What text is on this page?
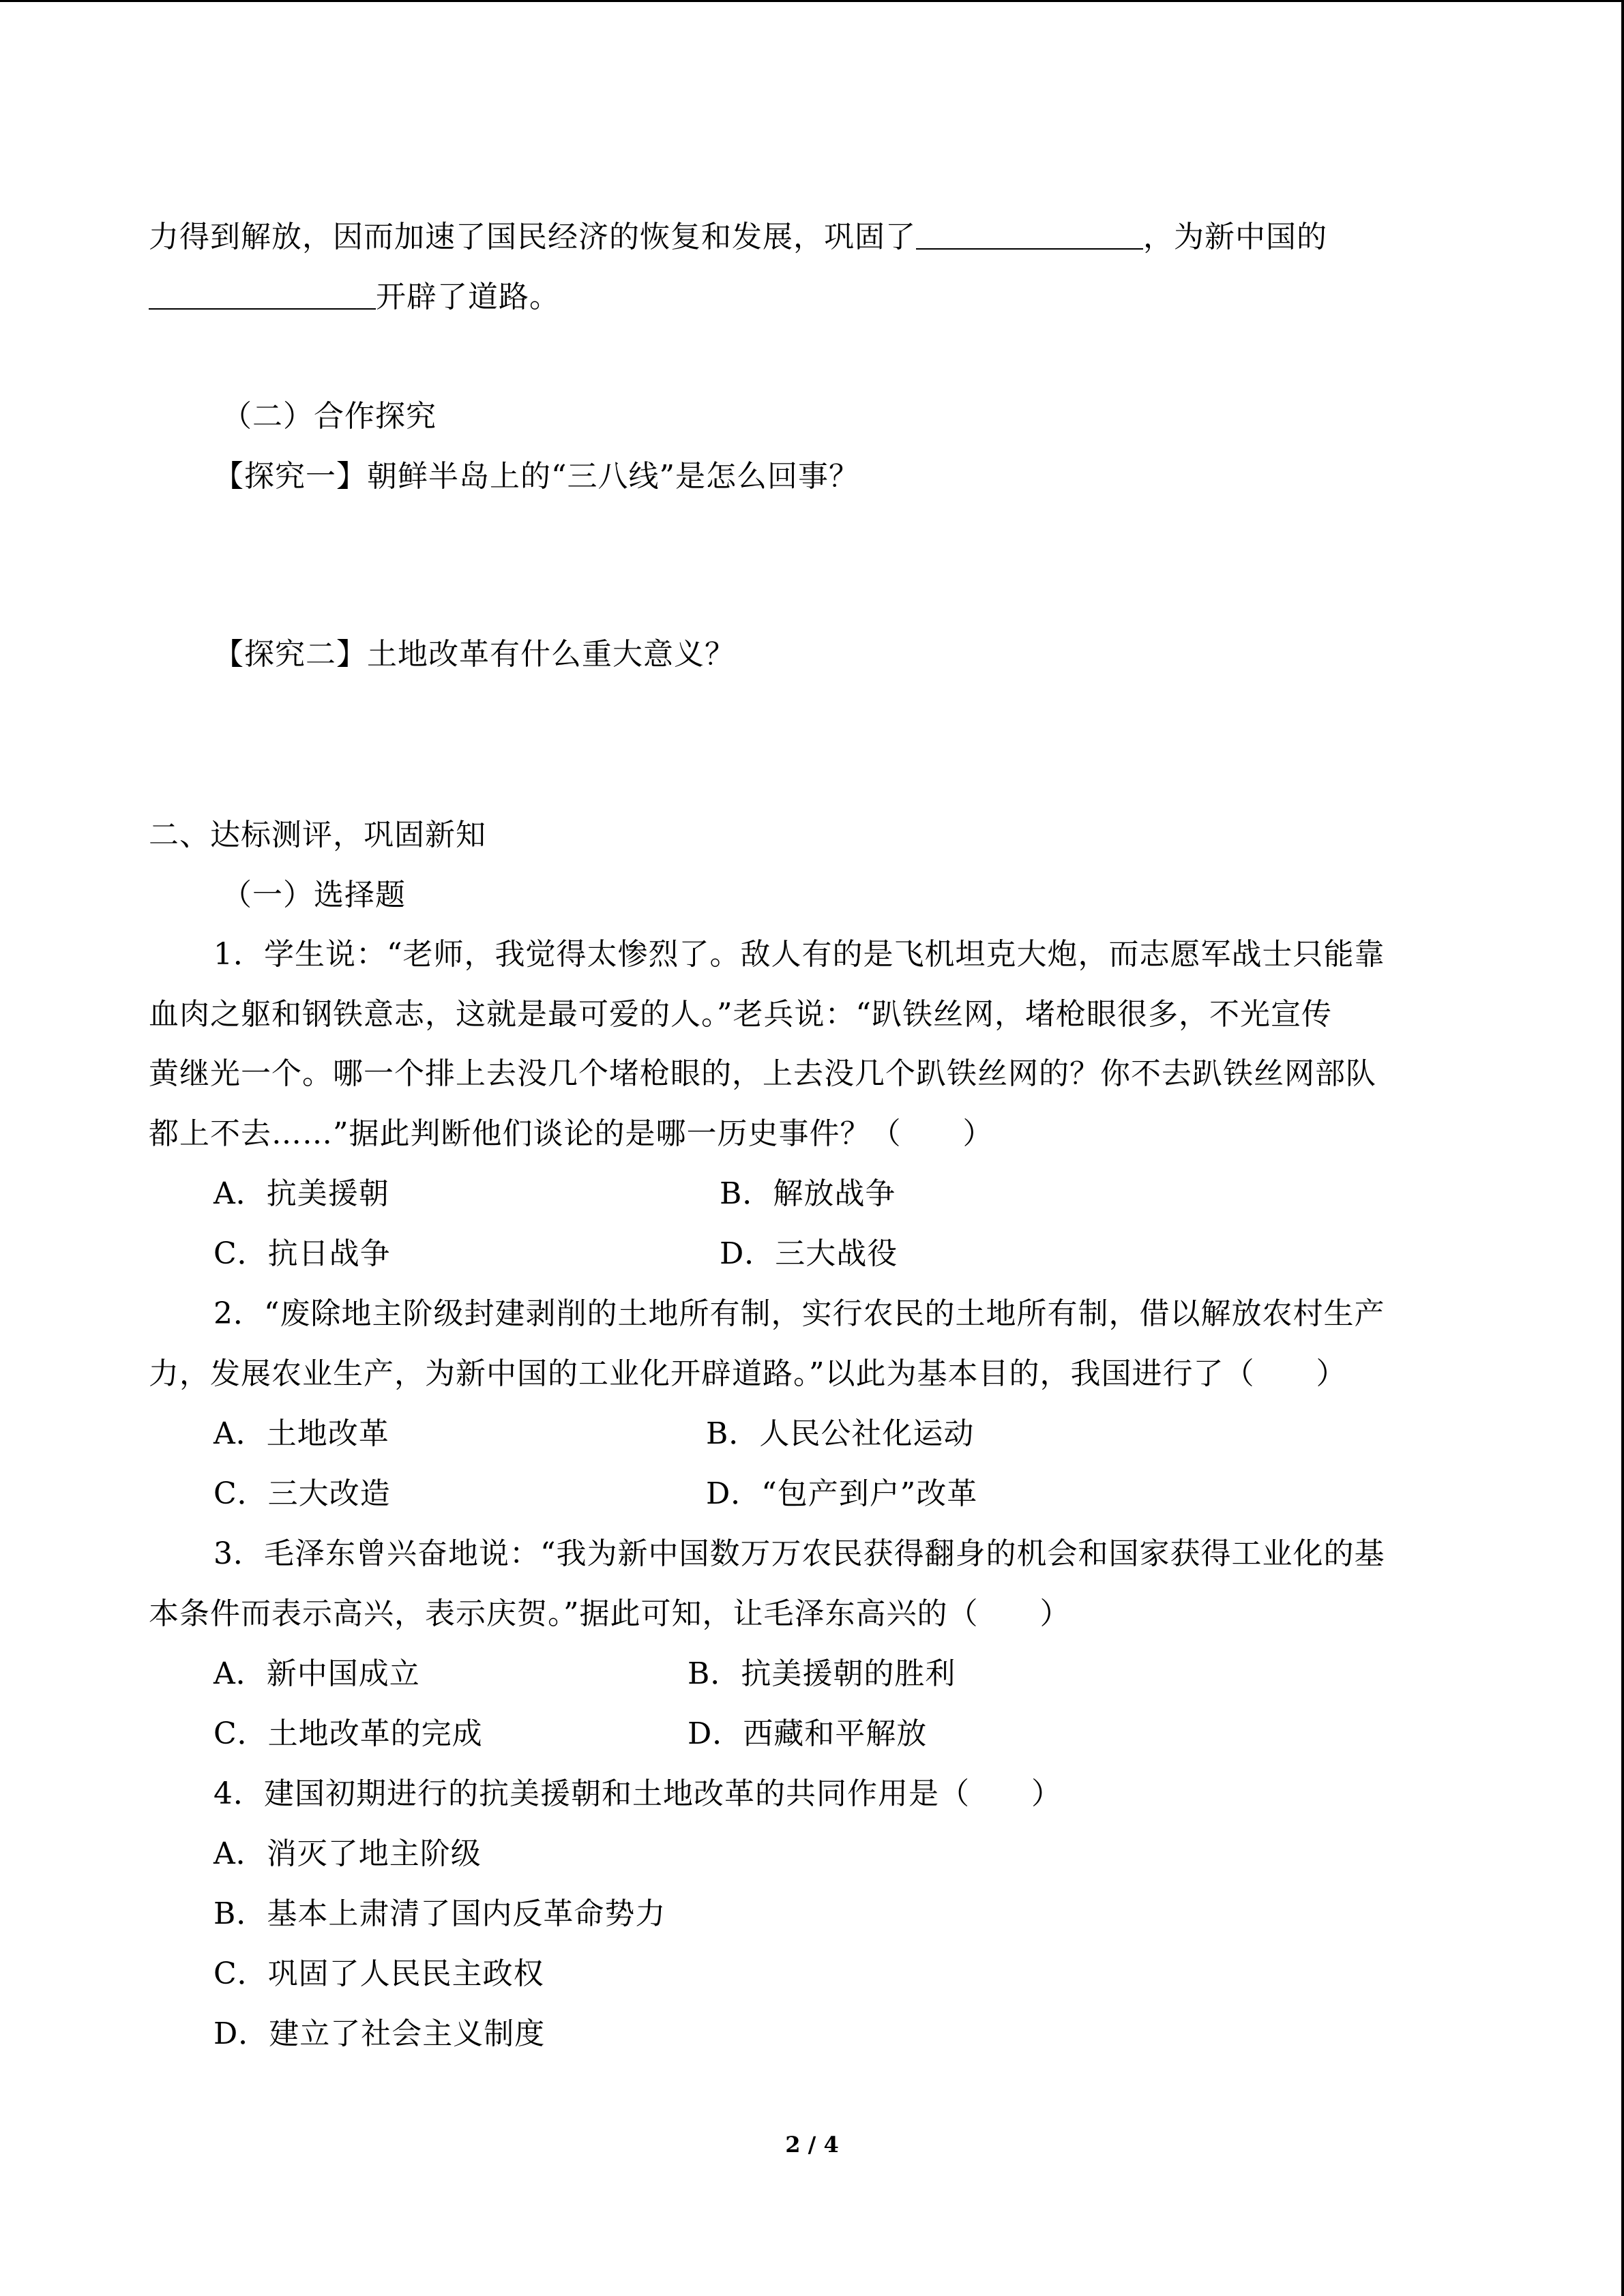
力得到解放，因而加速了国民经济的恢复和发展，巩固了	，为新中国的
开辟了道路。
（二）合作探究
【探究一】朝鲜半岛上的“三八线”是怎么回事？
【探究二】土地改革有什么重大意义？
二、达标测评，巩固新知
（一）选择题
1．学生说：“老师，我觉得太惨烈了。敌人有的是飞机坦克大炮，而志愿军战士只能靠
血肉之躯和钢铁意志，这就是最可爱的人。”老兵说：“趴铁丝网，堵枪眼很多，不光宣传
黄继光一个。哪一个排上去没几个堵枪眼的，上去没几个趴铁丝网的？你不去趴铁丝网部队
都上不去……”据此判断他们谈论的是哪一历史事件？（　　）
A．抗美援朝	B．解放战争
C．抗日战争	D．三大战役
2．“废除地主阶级封建剥削的土地所有制，实行农民的土地所有制，借以解放农村生产
力，发展农业生产，为新中国的工业化开辟道路。”以此为基本目的，我国进行了（　　）
A．土地改革	B．人民公社化运动
C．三大改造	D．“包产到户”改革
3．毛泽东曾兴奋地说：“我为新中国数万万农民获得翻身的机会和国家获得工业化的基
本条件而表示高兴，表示庆贺。”据此可知，让毛泽东高兴的（　　）
A．新中国成立	B．抗美援朝的胜利
C．土地改革的完成	D．西藏和平解放
4．建国初期进行的抗美援朝和土地改革的共同作用是（　　）
A．消灭了地主阶级
B．基本上肃清了国内反革命势力
C．巩固了人民民主政权
D．建立了社会主义制度
2 / 4
